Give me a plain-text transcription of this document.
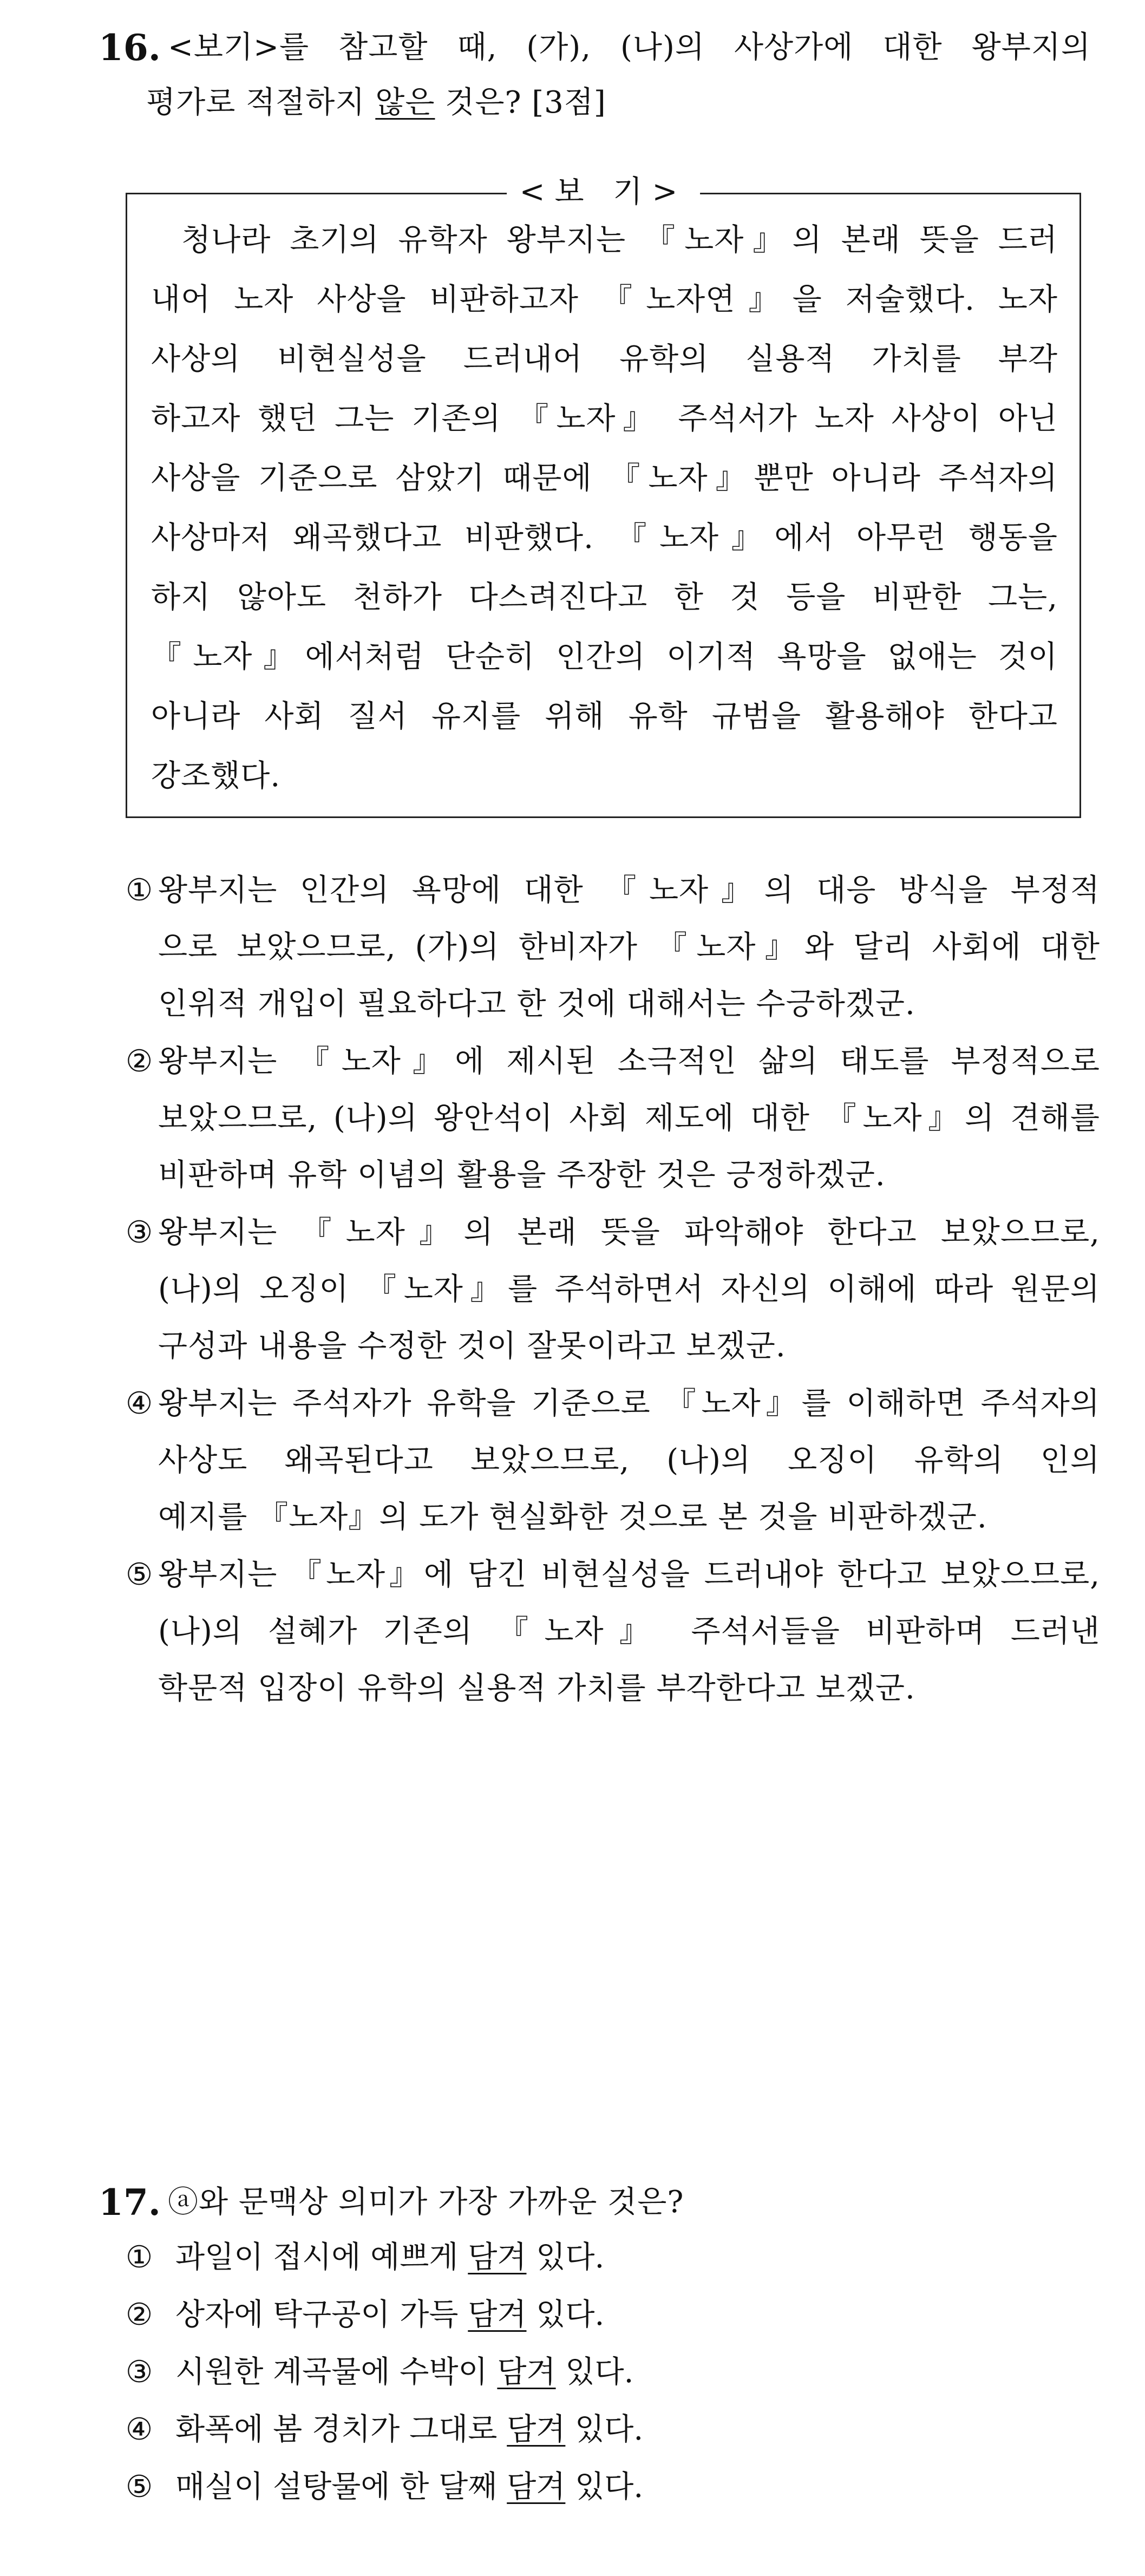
16. <보기>를 참고할 때, (가), (나)의 사상가에 대한 왕부지의
평가로 적절하지 않은 것은? [3점]
<보 기>
청나라 초기의 유학자 왕부지는 『노자』의 본래 뜻을 드러
내어 노자 사상을 비판하고자 『노자연』을 저술했다. 노자
사상의 비현실성을 드러내어 유학의 실용적 가치를 부각
하고자 했던 그는 기존의 『노자』 주석서가 노자 사상이 아닌
사상을 기준으로 삼았기 때문에 『노자』뿐만 아니라 주석자의
사상마저 왜곡했다고 비판했다. 『노자』에서 아무런 행동을
하지 않아도 천하가 다스려진다고 한 것 등을 비판한 그는,
『노자』에서처럼 단순히 인간의 이기적 욕망을 없애는 것이
아니라 사회 질서 유지를 위해 유학 규범을 활용해야 한다고
강조했다.
① 왕부지는 인간의 욕망에 대한 『노자』의 대응 방식을 부정적
으로 보았으므로, (가)의 한비자가 『노자』와 달리 사회에 대한
인위적 개입이 필요하다고 한 것에 대해서는 수긍하겠군.
② 왕부지는 『노자』에 제시된 소극적인 삶의 태도를 부정적으로
보았으므로, (나)의 왕안석이 사회 제도에 대한 『노자』의 견해를
비판하며 유학 이념의 활용을 주장한 것은 긍정하겠군.
③ 왕부지는 『노자』의 본래 뜻을 파악해야 한다고 보았으므로,
(나)의 오징이 『노자』를 주석하면서 자신의 이해에 따라 원문의
구성과 내용을 수정한 것이 잘못이라고 보겠군.
④ 왕부지는 주석자가 유학을 기준으로 『노자』를 이해하면 주석자의
사상도 왜곡된다고 보았으므로, (나)의 오징이 유학의 인의
예지를 『노자』의 도가 현실화한 것으로 본 것을 비판하겠군.
⑤ 왕부지는 『노자』에 담긴 비현실성을 드러내야 한다고 보았으므로,
(나)의 설혜가 기존의 『노자』 주석서들을 비판하며 드러낸
학문적 입장이 유학의 실용적 가치를 부각한다고 보겠군.
17. ⓐ와 문맥상 의미가 가장 가까운 것은?
① 과일이 접시에 예쁘게 담겨 있다.
② 상자에 탁구공이 가득 담겨 있다.
③ 시원한 계곡물에 수박이 담겨 있다.
④ 화폭에 봄 경치가 그대로 담겨 있다.
⑤ 매실이 설탕물에 한 달째 담겨 있다.
